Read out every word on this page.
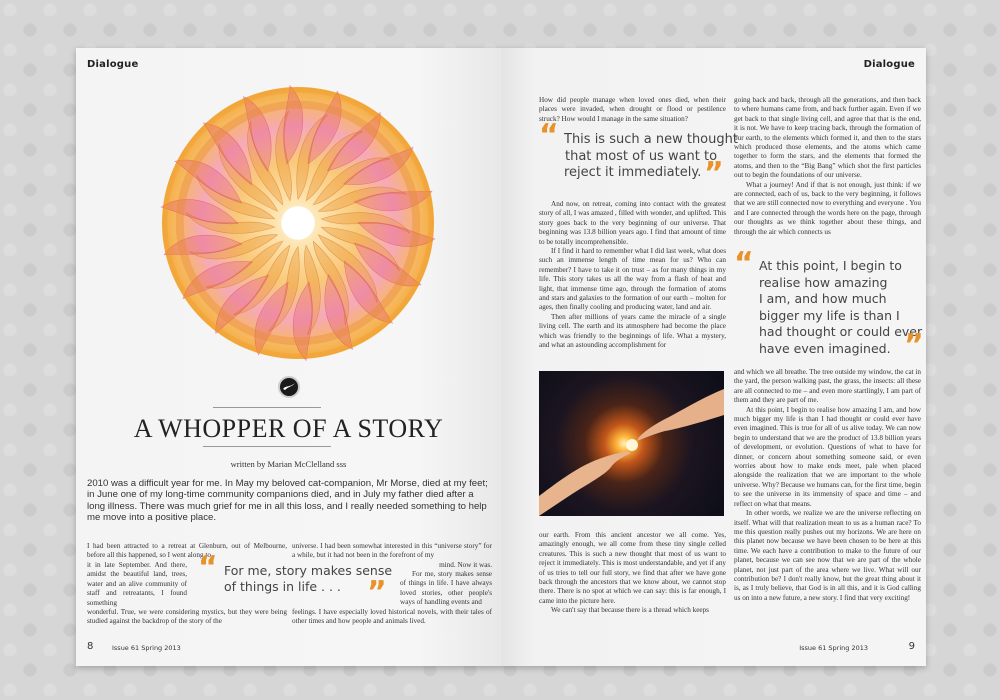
Dialogue
A WHOPPER OF A STORY
written by Marian McClelland sss
2010 was a difficult year for me. In May my beloved cat-companion, Mr Morse, died at my feet; in June one of my long-time community companions died, and in July my father died after a long illness. There was much grief for me in all this loss, and I really needed something to help me move into a positive place.

I had been attracted to a retreat at Glenburn, out of Melbourne, before all this happened, so I went along to

it in late September. And there, amidst the beautiful land, trees, water and an alive community of staff and retreatants, I found something

wonderful. True, we were considering mystics, but they were being studied against the backdrop of the story of the

universe. I had been somewhat interested in this “universe story” for a while, but it had not been in the forefront of my

mind. Now it was.

For me, story makes sense of things in life. I have always loved stories, other people's ways of handling events and

feelings. I have especially loved historical novels, with their tales of other times and how people and animals lived.

“ For me, story makes sense
of things in life . . . ”
8	Issue 61 Spring 2013
Dialogue

How did people manage when loved ones died, when their places were invaded, when drought or flood or pestilence struck? How would I manage in the same situation?

“ This is such a new thought
that most of us want to
reject it immediately. ”

And now, on retreat, coming into contact with the greatest story of all, I was amazed , filled with wonder, and uplifted. This story goes back to the very beginning of our universe. That beginning was 13.8 billion years ago. I find that amount of time to be totally incomprehensible.

If I find it hard to remember what I did last week, what does such an immense length of time mean for us? Who can remember? I have to take it on trust – as for many things in my life. This story takes us all the way from a flash of heat and light, that immense time ago, through the formation of atoms and stars and galaxies to the formation of our earth – molten for ages, then finally cooling and producing water, land and air.

Then after millions of years came the miracle of a single living cell. The earth and its atmosphere had become the place which was friendly to the beginnings of life. What a mystery, and what an astounding accomplishment for

our earth. From this ancient ancestor we all come. Yes, amazingly enough, we all come from these tiny single celled creatures. This is such a new thought that most of us want to reject it immediately. This is most understandable, and yet if any of us tries to tell our full story, we find that after we have gone back through the ancestors that we know about, we cannot stop there. There is no spot at which we can say: this is far enough, I came into the picture here.

We can't say that because there is a thread which keeps

going back and back, through all the generations, and then back to where humans came from, and back further again. Even if we get back to that single living cell, and agree that that is the end, it is not. We have to keep tracing back, through the formation of our earth, to the elements which formed it, and then to the stars which produced those elements, and the atoms which came together to form the stars, and the elements that formed the atoms, and then to the “Big Bang” which shot the first particles out to begin the foundations of our universe.

What a journey! And if that is not enough, just think: if we are connected, each of us, back to the very beginning, it follows that we are still connected now to everything and everyone . You and I are connected through the words here on the page, through our thoughts as we think together about these things, and through the air which connects us

“ At this point, I begin to
realise how amazing
I am, and how much
bigger my life is than I
had thought or could ever
have even imagined. ”

and which we all breathe. The tree outside my window, the cat in the yard, the person walking past, the grass, the insects: all these are all connected to me – and even more startlingly, I am part of them and they are part of me.

At this point, I begin to realise how amazing I am, and how much bigger my life is than I had thought or could ever have even imagined. This is true for all of us alive today. We can now begin to understand that we are the product of 13.8 billion years of development, or evolution. Questions of what to have for dinner, or concern about something someone said, or even worries about how to make ends meet, pale when placed alongside the realization that we are important to the whole universe. Why? Because we humans can, for the first time, begin to see the universe in its immensity of space and time – and reflect on what that means.

In other words, we realize we are the universe reflecting on itself. What will that realization mean to us as a human race? To me this question really pushes out my horizons. We are here on this planet now because we have been chosen to be here at this time. We each have a contribution to make to the future of our planet, because we can see now that we are part of the whole planet, not just part of the area where we live. What will our contribution be? I don't really know, but the great thing about it is, as I truly believe, that God is in all this, and it is God calling us on into a new future, a new story. I find that very exciting!

Issue 61 Spring 2013	9
